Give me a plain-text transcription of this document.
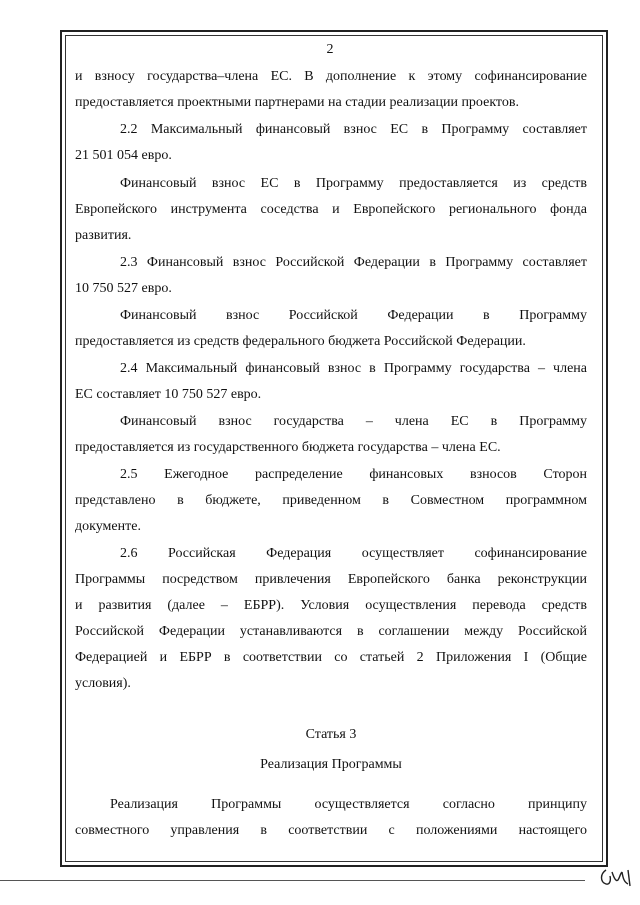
2
и взносу государства–члена ЕС. В дополнение к этому софинансирование
предоставляется проектными партнерами на стадии реализации проектов.
2.2 Максимальный финансовый взнос ЕС в Программу составляет
21 501 054 евро.
Финансовый взнос ЕС в Программу предоставляется из средств
Европейского инструмента соседства и Европейского регионального фонда
развития.
2.3 Финансовый взнос Российской Федерации в Программу составляет
10 750 527 евро.
Финансовый взнос Российской Федерации в Программу
предоставляется из средств федерального бюджета Российской Федерации.
2.4 Максимальный финансовый взнос в Программу государства – члена
ЕС составляет 10 750 527 евро.
Финансовый взнос государства – члена ЕС в Программу
предоставляется из государственного бюджета государства – члена ЕС.
2.5 Ежегодное распределение финансовых взносов Сторон
представлено в бюджете, приведенном в Совместном программном
документе.
2.6 Российская Федерация осуществляет софинансирование
Программы посредством привлечения Европейского банка реконструкции
и развития (далее – ЕБРР). Условия осуществления перевода средств
Российской Федерации устанавливаются в соглашении между Российской
Федерацией и ЕБРР в соответствии со статьей 2 Приложения I (Общие
условия).
Статья 3
Реализация Программы
Реализация Программы осуществляется согласно принципу
совместного управления в соответствии с положениями настоящего
